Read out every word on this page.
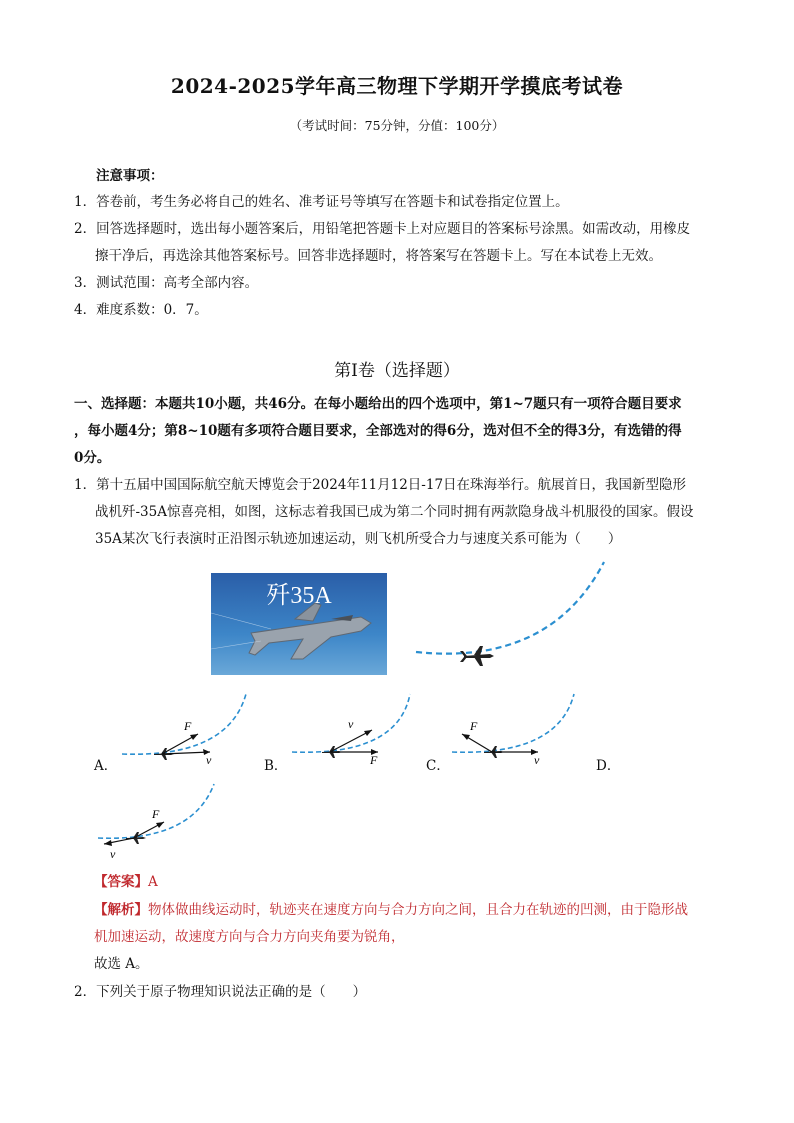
2024-2025学年高三物理下学期开学摸底考试卷
（考试时间：75分钟，分值：100分）
注意事项：
1．答卷前，考生务必将自己的姓名、准考证号等填写在答题卡和试卷指定位置上。
2．回答选择题时，选出每小题答案后，用铅笔把答题卡上对应题目的答案标号涂黑。如需改动，用橡皮
擦干净后，再选涂其他答案标号。回答非选择题时，将答案写在答题卡上。写在本试卷上无效。
3．测试范围：高考全部内容。
4．难度系数：0．7。
第Ⅰ卷（选择题）
一、选择题：本题共10小题，共46分。在每小题给出的四个选项中，第1~7题只有一项符合题目要求
，每小题4分；第8~10题有多项符合题目要求，全部选对的得6分，选对但不全的得3分，有选错的得
0分。
1．第十五届中国国际航空航天博览会于2024年11月12日-17日在珠海举行。航展首日，我国新型隐形
战机歼-35A惊喜亮相，如图，这标志着我国已成为第二个同时拥有两款隐身战斗机服役的国家。假设
35A某次飞行表演时正沿图示轨迹加速运动，则飞机所受合力与速度关系可能为（　　）
歼35A
A．
F
v	B．
v
F	C．
F
v	D．
F
v
【答案】A
【解析】物体做曲线运动时，轨迹夹在速度方向与合力方向之间，且合力在轨迹的凹测，由于隐形战
机加速运动，故速度方向与合力方向夹角要为锐角，
故选 A。
2．下列关于原子物理知识说法正确的是（　　）
